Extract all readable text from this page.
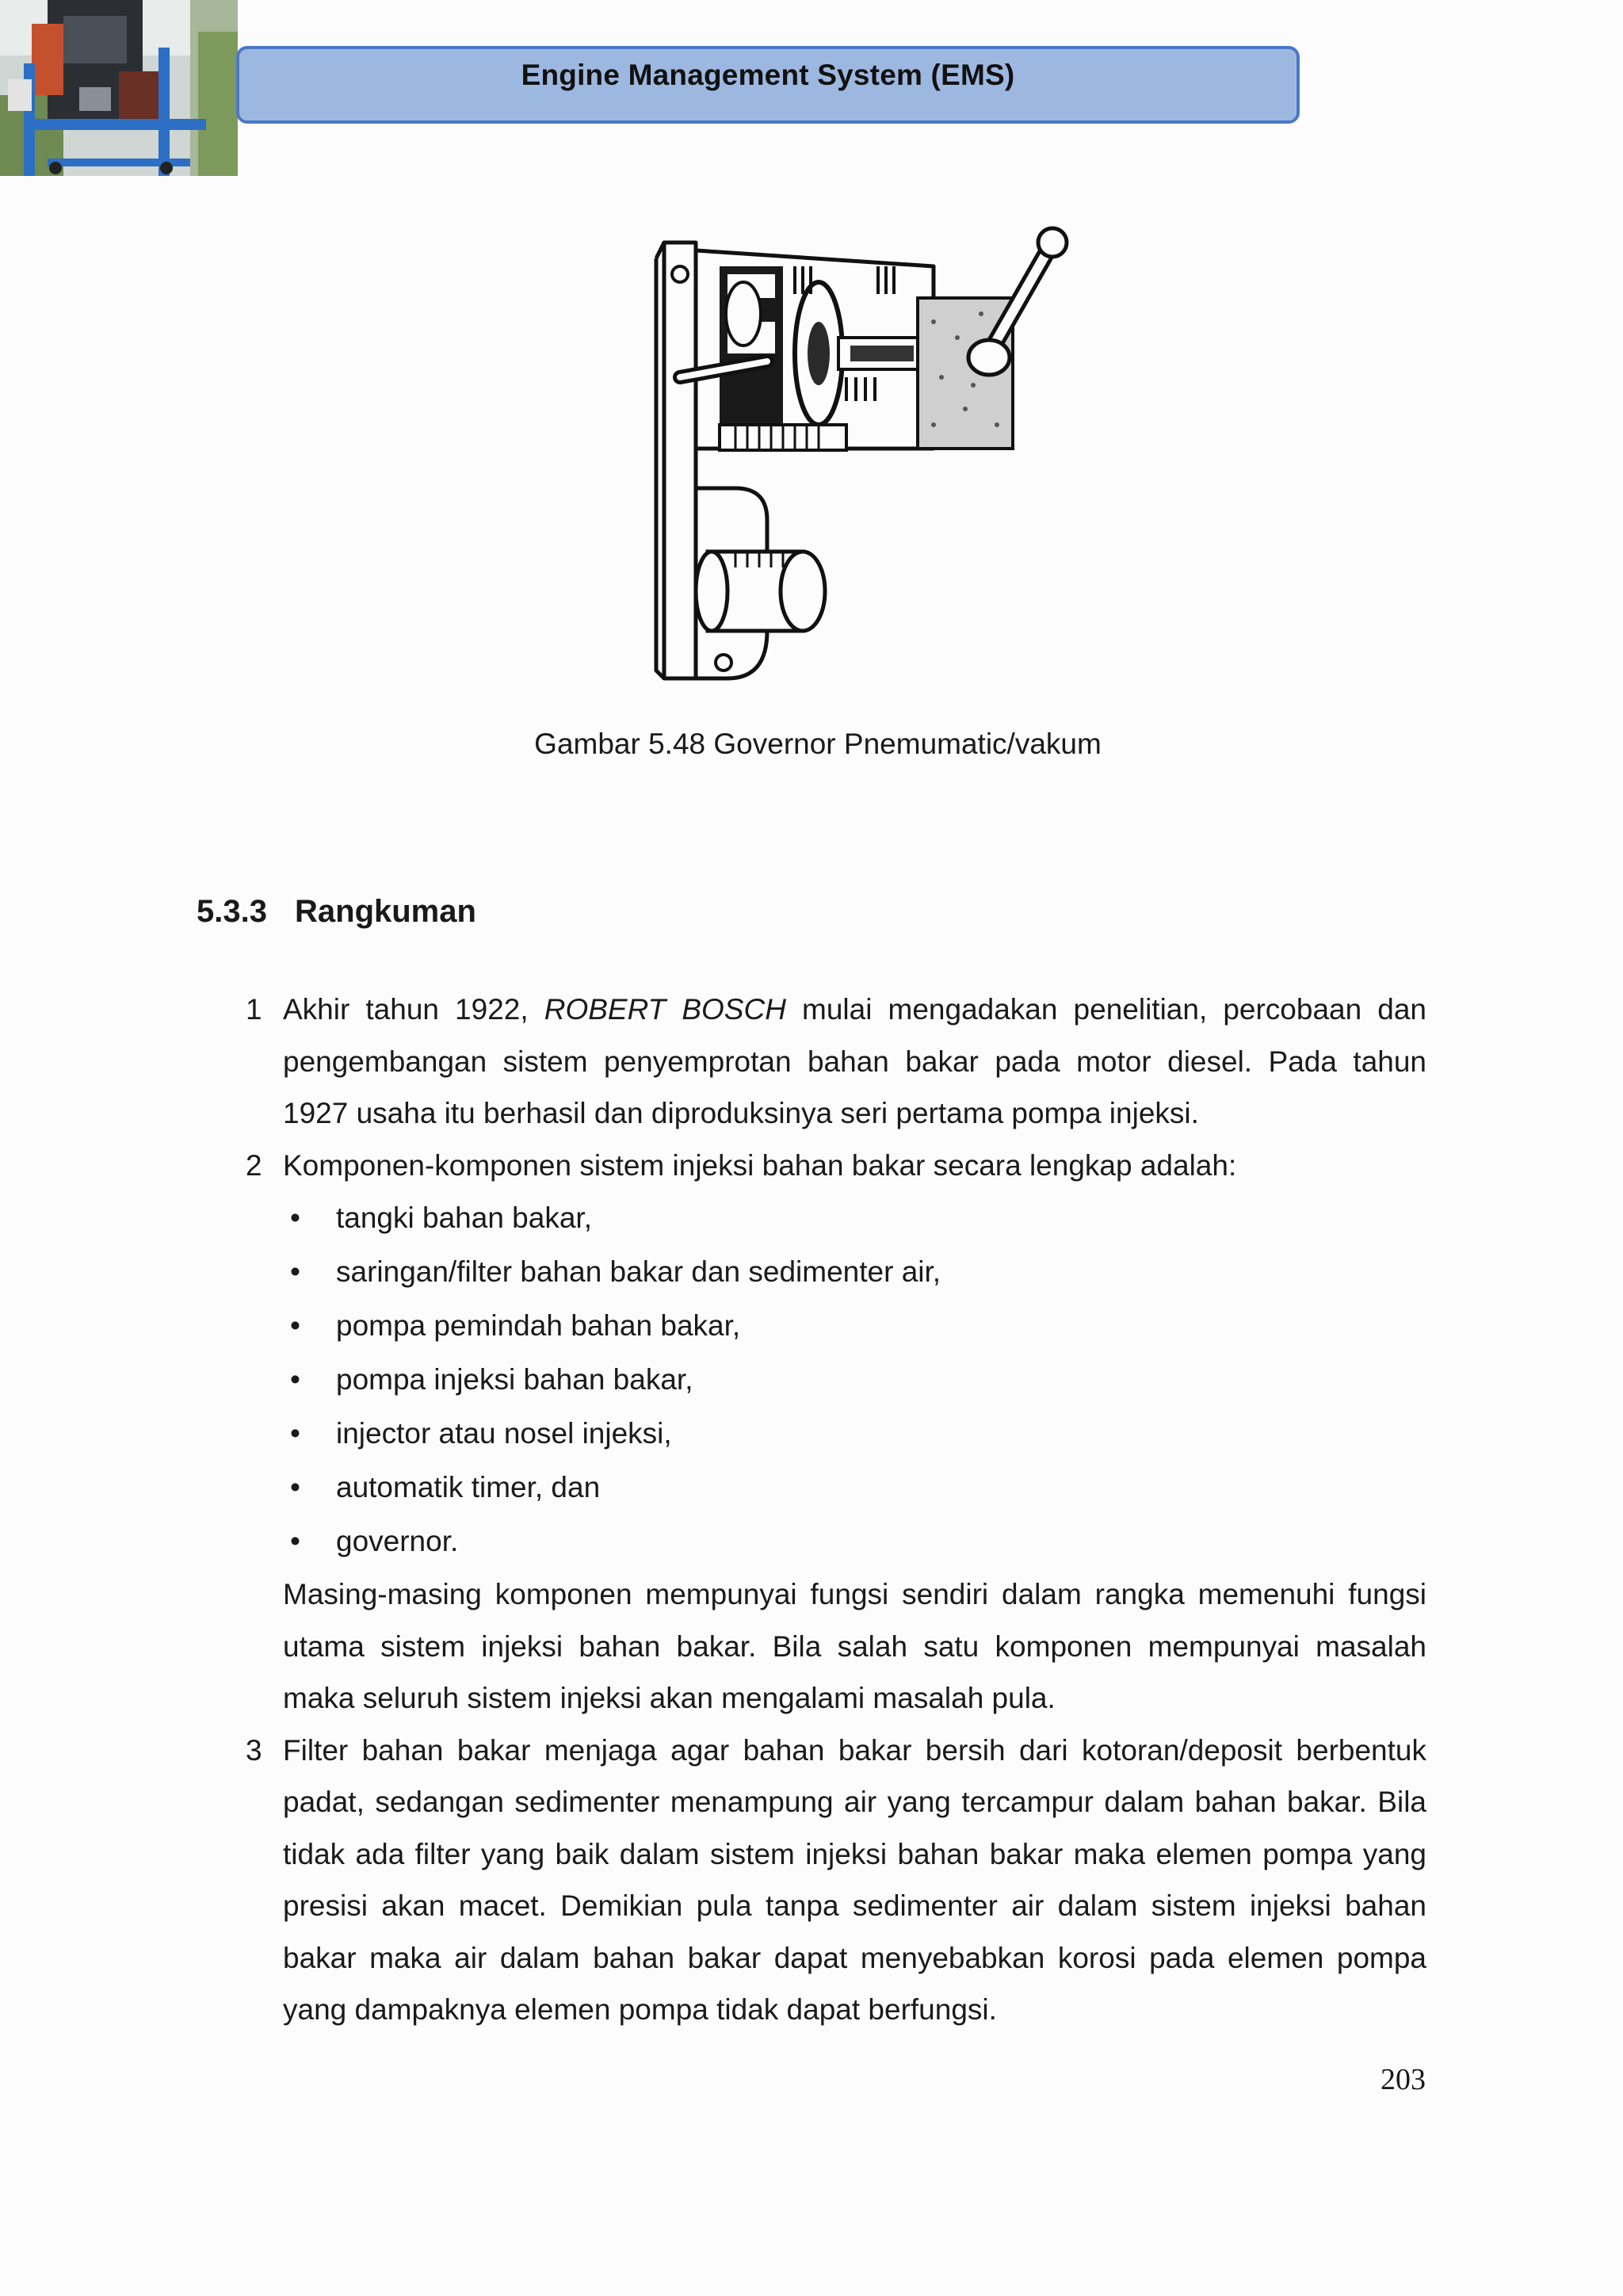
Engine Management System (EMS)
Gambar 5.48 Governor Pnemumatic/vakum
5.3.3 Rangkuman
1 Akhir tahun 1922, ROBERT BOSCH mulai mengadakan penelitian, percobaan dan pengembangan sistem penyemprotan bahan bakar pada motor diesel. Pada tahun 1927 usaha itu berhasil dan diproduksinya seri pertama pompa injeksi.
2 Komponen-komponen sistem injeksi bahan bakar secara lengkap adalah:
• tangki bahan bakar,
• saringan/filter bahan bakar dan sedimenter air,
• pompa pemindah bahan bakar,
• pompa injeksi bahan bakar,
• injector atau nosel injeksi,
• automatik timer, dan
• governor.
Masing-masing komponen mempunyai fungsi sendiri dalam rangka memenuhi fungsi utama sistem injeksi bahan bakar. Bila salah satu komponen mempunyai masalah maka seluruh sistem injeksi akan mengalami masalah pula.
3 Filter bahan bakar menjaga agar bahan bakar bersih dari kotoran/deposit berbentuk padat, sedangan sedimenter menampung air yang tercampur dalam bahan bakar. Bila tidak ada filter yang baik dalam sistem injeksi bahan bakar maka elemen pompa yang presisi akan macet. Demikian pula tanpa sedimenter air dalam sistem injeksi bahan bakar maka air dalam bahan bakar dapat menyebabkan korosi pada elemen pompa yang dampaknya elemen pompa tidak dapat berfungsi.
203
